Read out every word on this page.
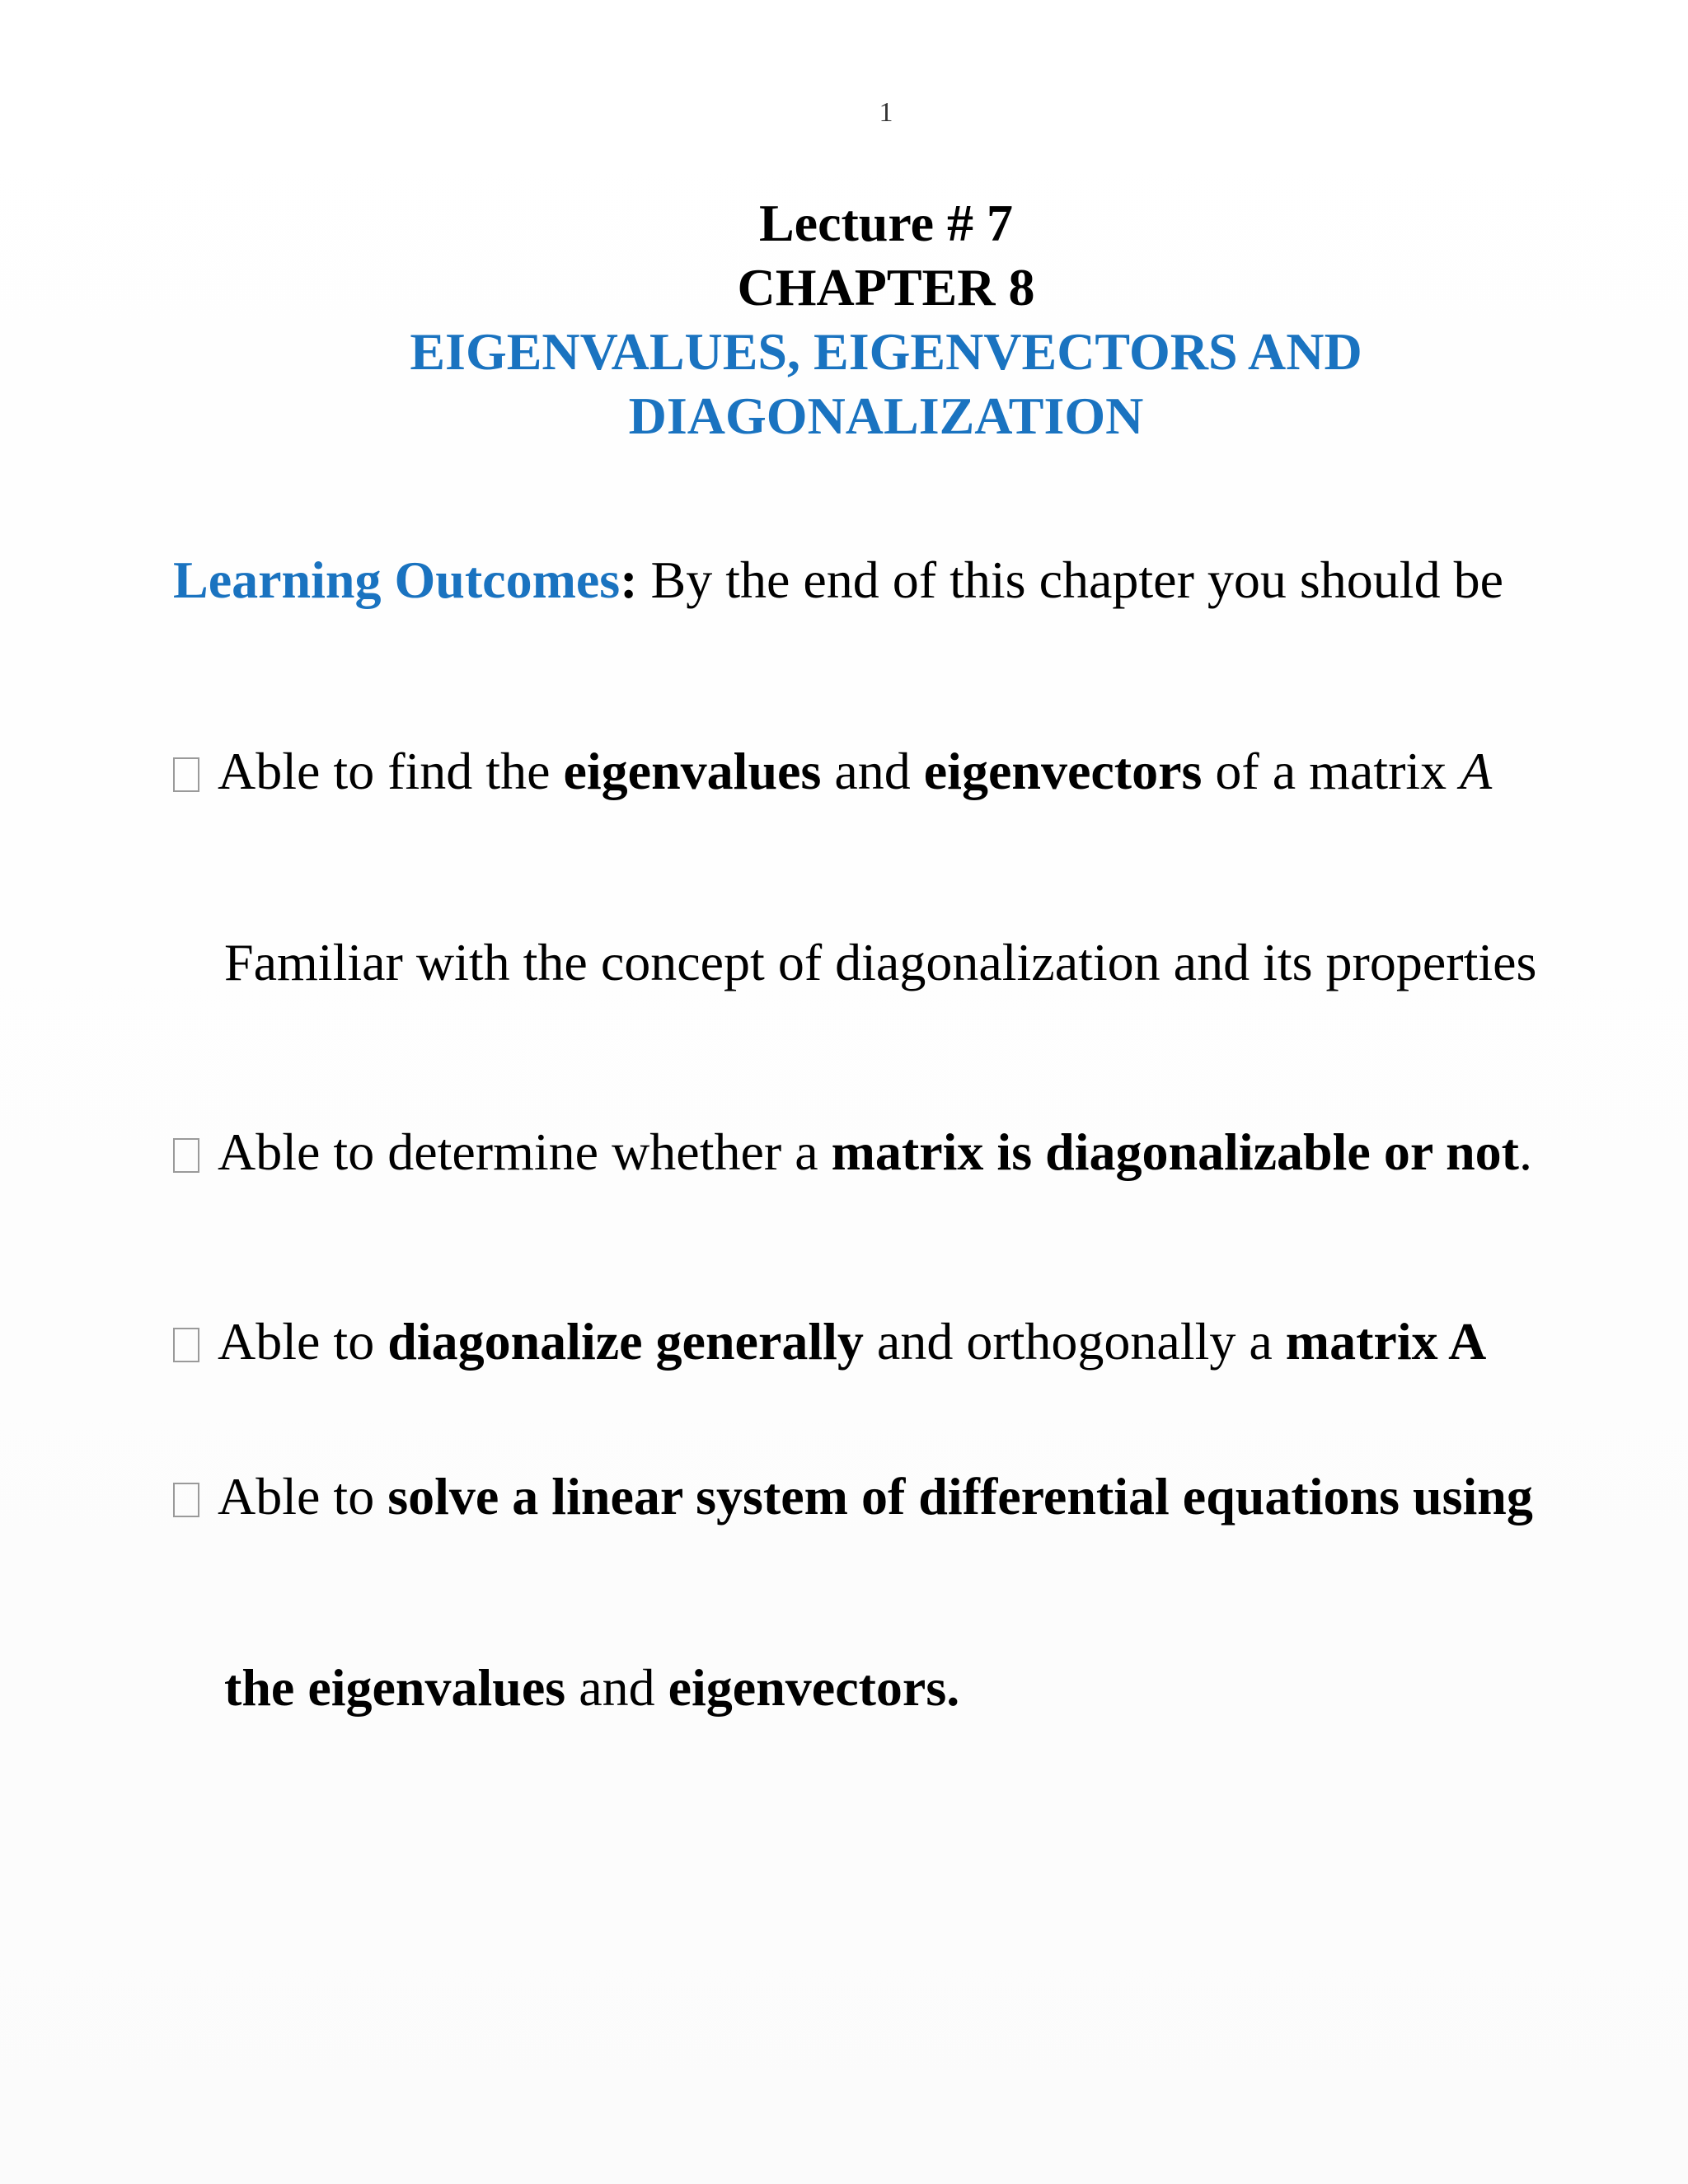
1
Lecture # 7
CHAPTER 8
EIGENVALUES, EIGENVECTORS AND
DIAGONALIZATION
Learning Outcomes: By the end of this chapter you should be
Able to find the eigenvalues and eigenvectors of a matrix A
Familiar with the concept of diagonalization and its properties
Able to determine whether a matrix is diagonalizable or not.
Able to diagonalize generally and orthogonally a matrix A
Able to solve a linear system of differential equations using
the eigenvalues and eigenvectors.
